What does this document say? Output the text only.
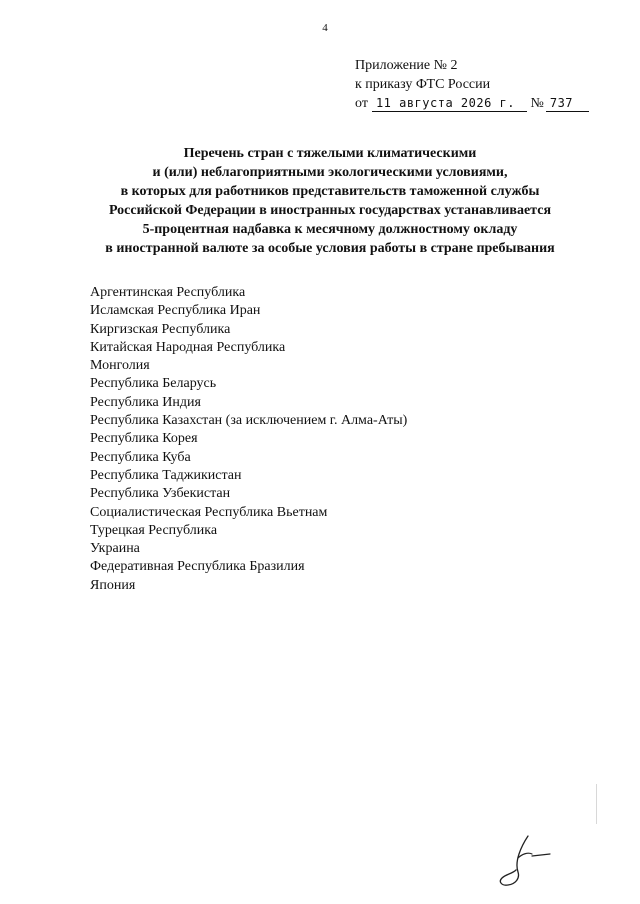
4
Приложение № 2
к приказу ФТС России
от 11 августа 2026 г. № 737
Перечень стран с тяжелыми климатическими
и (или) неблагоприятными экологическими условиями,
в которых для работников представительств таможенной службы
Российской Федерации в иностранных государствах устанавливается
5-процентная надбавка к месячному должностному окладу
в иностранной валюте за особые условия работы в стране пребывания
Аргентинская Республика
Исламская Республика Иран
Киргизская Республика
Китайская Народная Республика
Монголия
Республика Беларусь
Республика Индия
Республика Казахстан (за исключением г. Алма-Аты)
Республика Корея
Республика Куба
Республика Таджикистан
Республика Узбекистан
Социалистическая Республика Вьетнам
Турецкая Республика
Украина
Федеративная Республика Бразилия
Япония
